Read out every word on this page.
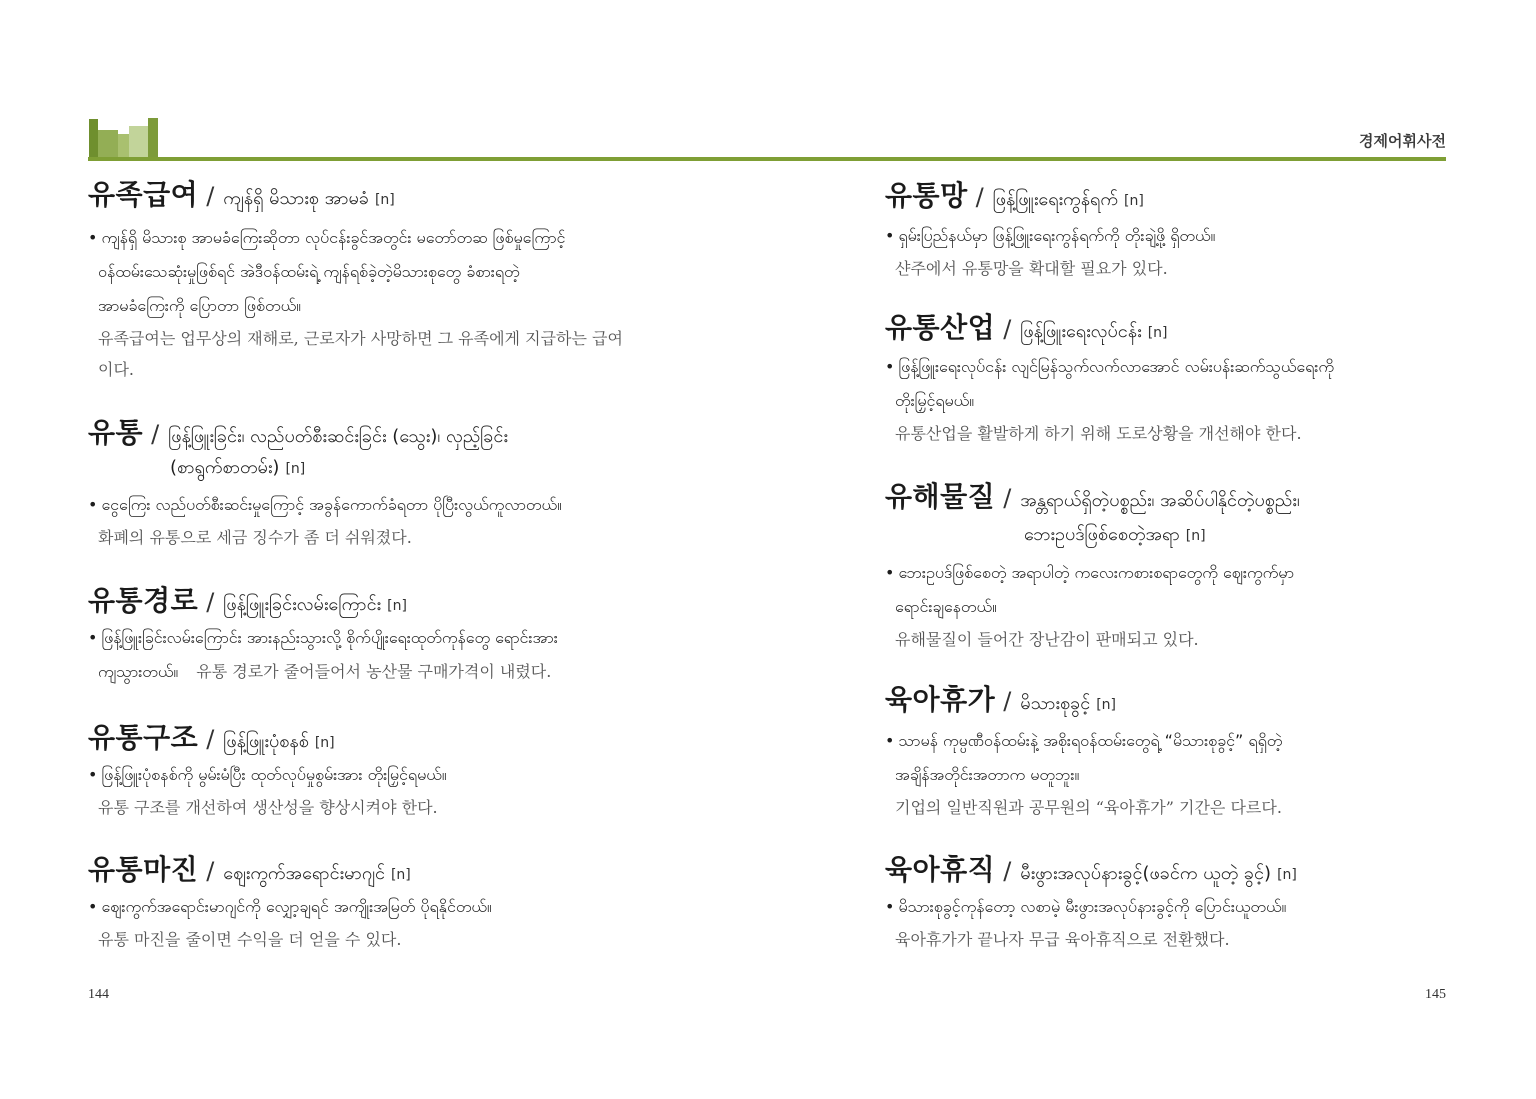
경제어휘사전
유족급여 / ကျန်ရှိ မိသားစု အာမခံ [n]
• ကျန်ရှိ မိသားစု အာမခံကြေးဆိုတာ လုပ်ငန်းခွင်အတွင်း မတော်တဆ ဖြစ်မှုကြောင့်
ဝန်ထမ်းသေဆုံးမှုဖြစ်ရင် အဲဒီဝန်ထမ်းရဲ့ ကျန်ရစ်ခဲ့တဲ့မိသားစုတွေ ခံစားရတဲ့
အာမခံကြေးကို ပြောတာ ဖြစ်တယ်။
유족급여는 업무상의 재해로, 근로자가 사망하면 그 유족에게 지급하는 급여
이다.
유통 / ဖြန့်ဖြူးခြင်း၊ လည်ပတ်စီးဆင်းခြင်း (သွေး)၊ လှည့်ခြင်း
(စာရွက်စာတမ်း) [n]
• ငွေကြေး လည်ပတ်စီးဆင်းမှုကြောင့် အခွန်ကောက်ခံရတာ ပိုပြီးလွယ်ကူလာတယ်။
화폐의 유통으로 세금 징수가 좀 더 쉬워졌다.
유통경로 / ဖြန့်ဖြူးခြင်းလမ်းကြောင်း [n]
• ဖြန့်ဖြူးခြင်းလမ်းကြောင်း အားနည်းသွားလို့ စိုက်ပျိုးရေးထုတ်ကုန်တွေ ရောင်းအား
ကျသွားတယ်။ 유통 경로가 줄어들어서 농산물 구매가격이 내렸다.
유통구조 / ဖြန့်ဖြူးပုံစနစ် [n]
• ဖြန့်ဖြူးပုံစနစ်ကို မွမ်းမံပြီး ထုတ်လုပ်မှုစွမ်းအား တိုးမြှင့်ရမယ်။
유통 구조를 개선하여 생산성을 향상시켜야 한다.
유통마진 / ဈေးကွက်အရောင်းမာဂျင် [n]
• ဈေးကွက်အရောင်းမာဂျင်ကို လျှော့ချရင် အကျိုးအမြတ် ပိုရနိုင်တယ်။
유통 마진을 줄이면 수익을 더 얻을 수 있다.
144
유통망 / ဖြန့်ဖြူးရေးကွန်ရက် [n]
• ရှမ်းပြည်နယ်မှာ ဖြန့်ဖြူးရေးကွန်ရက်ကို တိုးချဲ့ဖို့ ရှိတယ်။
샨주에서 유통망을 확대할 필요가 있다.
유통산업 / ဖြန့်ဖြူးရေးလုပ်ငန်း [n]
• ဖြန့်ဖြူးရေးလုပ်ငန်း လျင်မြန်သွက်လက်လာအောင် လမ်းပန်းဆက်သွယ်ရေးကို
တိုးမြှင့်ရမယ်။
유통산업을 활발하게 하기 위해 도로상황을 개선해야 한다.
유해물질 / အန္တရာယ်ရှိတဲ့ပစ္စည်း၊ အဆိပ်ပါနိုင်တဲ့ပစ္စည်း၊
ဘေးဥပဒ်ဖြစ်စေတဲ့အရာ [n]
• ဘေးဥပဒ်ဖြစ်စေတဲ့ အရာပါတဲ့ ကလေးကစားစရာတွေကို ဈေးကွက်မှာ
ရောင်းချနေတယ်။
유해물질이 들어간 장난감이 판매되고 있다.
육아휴가 / မိသားစုခွင့် [n]
• သာမန် ကုမ္ပဏီဝန်ထမ်းနဲ့ အစိုးရဝန်ထမ်းတွေရဲ့ “မိသားစုခွင့်” ရရှိတဲ့
အချိန်အတိုင်းအတာက မတူဘူး။
기업의 일반직원과 공무원의 “육아휴가” 기간은 다르다.
육아휴직 / မီးဖွားအလုပ်နားခွင့်(ဖခင်က ယူတဲ့ ခွင့်) [n]
• မိသားစုခွင့်ကုန်တော့ လစာမဲ့ မီးဖွားအလုပ်နားခွင့်ကို ပြောင်းယူတယ်။
육아휴가가 끝나자 무급 육아휴직으로 전환했다.
145
